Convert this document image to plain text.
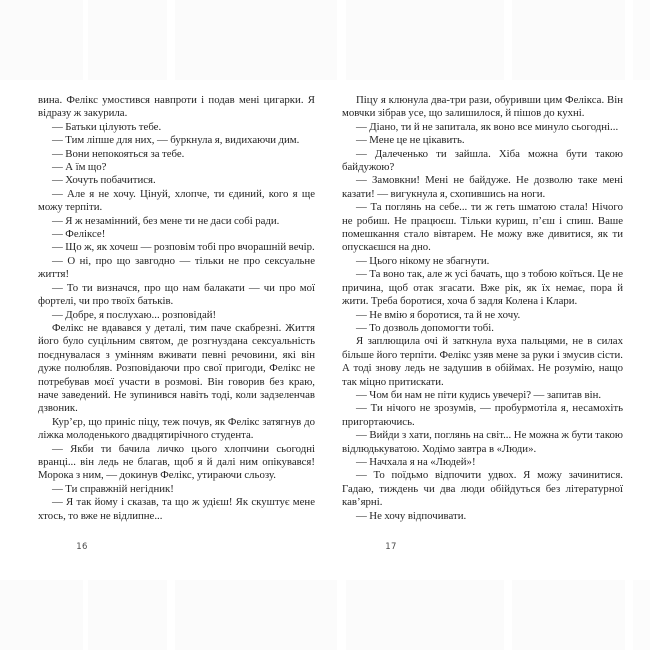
вина. Фелікс умостився навпроти і подав мені цигарки. Я відразу ж закурила.

— Батьки цілують тебе.

— Тим ліпше для них, — буркнула я, видихаючи дим.

— Вони непокояться за тебе.

— А їм що?

— Хочуть побачитися.

— Але я не хочу. Цінуй, хлопче, ти єдиний, кого я ще можу терпіти.

— Я ж незамінний, без мене ти не даси собі ради.

— Феліксе!

— Що ж, як хочеш — розповім тобі про вчорашній вечір.

— О ні, про що завгодно — тільки не про сексуальне життя!

— То ти визначся, про що нам балакати — чи про мої фортелі, чи про твоїх батьків.

— Добре, я послухаю... розповідай!

Фелікс не вдавався у деталі, тим паче скабрезні. Життя його було суцільним святом, де розгнуздана сексуальність поєднувалася з умінням вживати певні речовини, які він дуже полюбляв. Розповідаючи про свої пригоди, Фелікс не потребував моєї участи в розмові. Він говорив без краю, наче заведений. Не зупинився навіть тоді, коли задзеленчав дзвоник.

Кур’єр, що приніс піцу, теж почув, як Фелікс затягнув до ліжка молоденького двадцятирічного студента.

— Якби ти бачила личко цього хлопчини сьогодні вранці... він ледь не благав, щоб я й далі ним опікувався! Морока з ним, — докинув Фелікс, утираючи сльозу.

— Ти справжній негідник!

— Я так йому і сказав, та що ж удієш! Як скуштує мене хтось, то вже не відлипне...

16

Піцу я клюнула два-три рази, обуривши цим Фелікса. Він мовчки зібрав усе, що залишилося, й пішов до кухні.

— Діано, ти й не запитала, як воно все минуло сьогодні...

— Мене це не цікавить.

— Далеченько ти зайшла. Хіба можна бути такою байдужою?

— Замовкни! Мені не байдуже. Не дозволю таке мені казати! — вигукнула я, схопившись на ноги.

— Та поглянь на себе... ти ж геть шматою стала! Нічого не робиш. Не працюєш. Тільки куриш, п’єш і спиш. Ваше помешкання стало вівтарем. Не можу вже дивитися, як ти опускаєшся на дно.

— Цього нікому не збагнути.

— Та воно так, але ж усі бачать, що з тобою коїться. Це не причина, щоб отак згасати. Вже рік, як їх немає, пора й жити. Треба боротися, хоча б задля Колена і Клари.

— Не вмію я боротися, та й не хочу.

— То дозволь допомогти тобі.

Я заплющила очі й заткнула вуха пальцями, не в силах більше його терпіти. Фелікс узяв мене за руки і змусив сісти. А тоді знову ледь не задушив в обіймах. Не розумію, нащо так міцно притискати.

— Чом би нам не піти кудись увечері? — запитав він.

— Ти нічого не зрозумів, — пробурмотіла я, несамохіть пригортаючись.

— Вийди з хати, поглянь на світ... Не можна ж бути такою відлюдькуватою. Ходімо завтра в «Люди».

— Начхала я на «Людей»!

— То поїдьмо відпочити удвох. Я можу зачинитися. Гадаю, тиждень чи два люди обійдуться без літературної кав’ярні.

— Не хочу відпочивати.

17
